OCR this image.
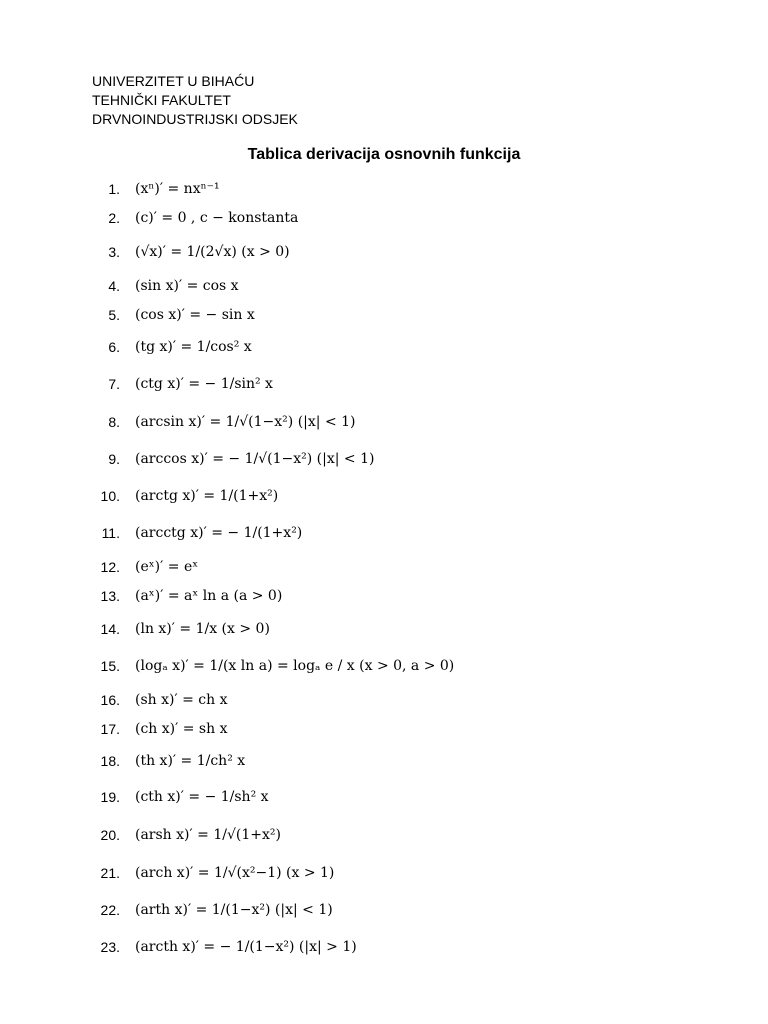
UNIVERZITET U BIHAĆU
TEHNIČKI FAKULTET
DRVNOINDUSTRIJSKI ODSJEK
Tablica derivacija osnovnih funkcija
1. (xⁿ)′ = nxⁿ⁻¹
2. (c)′ = 0 , c − konstanta
3. (√x)′ = 1/(2√x) (x > 0)
4. (sin x)′ = cos x
5. (cos x)′ = − sin x
6. (tg x)′ = 1/cos² x
7. (ctg x)′ = − 1/sin² x
8. (arcsin x)′ = 1/√(1−x²) (|x| < 1)
9. (arccos x)′ = − 1/√(1−x²) (|x| < 1)
10. (arctg x)′ = 1/(1+x²)
11. (arcctg x)′ = − 1/(1+x²)
12. (eˣ)′ = eˣ
13. (aˣ)′ = aˣ ln a (a > 0)
14. (ln x)′ = 1/x (x > 0)
15. (logₐ x)′ = 1/(x ln a) = logₐ e / x (x > 0, a > 0)
16. (sh x)′ = ch x
17. (ch x)′ = sh x
18. (th x)′ = 1/ch² x
19. (cth x)′ = − 1/sh² x
20. (arsh x)′ = 1/√(1+x²)
21. (arch x)′ = 1/√(x²−1) (x > 1)
22. (arth x)′ = 1/(1−x²) (|x| < 1)
23. (arcth x)′ = − 1/(1−x²) (|x| > 1)
